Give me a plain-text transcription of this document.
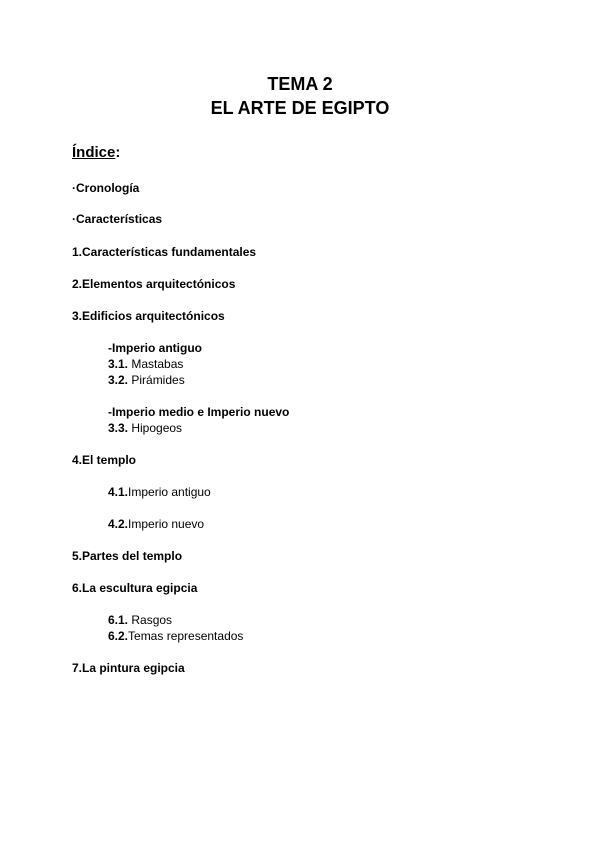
TEMA 2
EL ARTE DE EGIPTO
Índice:
·Cronología
·Características
1.Características fundamentales
2.Elementos arquitectónicos
3.Edificios arquitectónicos
-Imperio antiguo
3.1. Mastabas
3.2. Pirámides
-Imperio medio e Imperio nuevo
3.3. Hipogeos
4.El templo
4.1.Imperio antiguo
4.2.Imperio nuevo
5.Partes del templo
6.La escultura egipcia
6.1. Rasgos
6.2.Temas representados
7.La pintura egipcia
